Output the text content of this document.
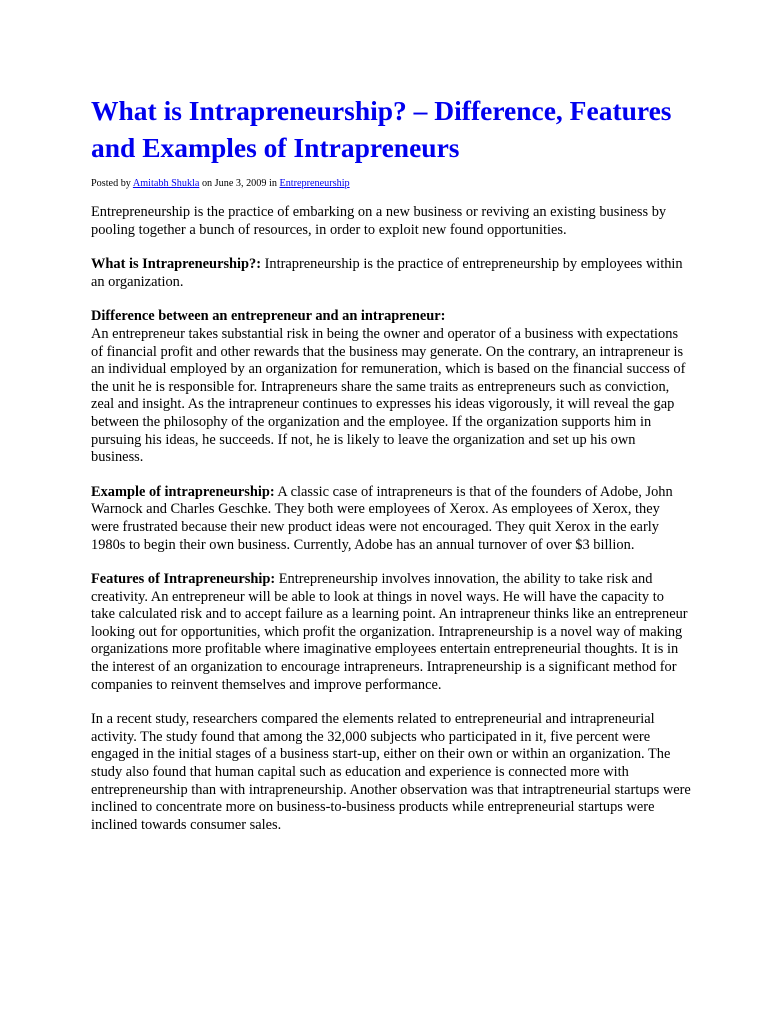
What is Intrapreneurship? – Difference, Features and Examples of Intrapreneurs
Posted by Amitabh Shukla on June 3, 2009 in Entrepreneurship

Entrepreneurship is the practice of embarking on a new business or reviving an existing business by pooling together a bunch of resources, in order to exploit new found opportunities.

What is Intrapreneurship?: Intrapreneurship is the practice of entrepreneurship by employees within an organization.

Difference between an entrepreneur and an intrapreneur:
An entrepreneur takes substantial risk in being the owner and operator of a business with expectations of financial profit and other rewards that the business may generate. On the contrary, an intrapreneur is an individual employed by an organization for remuneration, which is based on the financial success of the unit he is responsible for. Intrapreneurs share the same traits as entrepreneurs such as conviction, zeal and insight. As the intrapreneur continues to expresses his ideas vigorously, it will reveal the gap between the philosophy of the organization and the employee. If the organization supports him in pursuing his ideas, he succeeds. If not, he is likely to leave the organization and set up his own business.

Example of intrapreneurship: A classic case of intrapreneurs is that of the founders of Adobe, John Warnock and Charles Geschke. They both were employees of Xerox. As employees of Xerox, they were frustrated because their new product ideas were not encouraged. They quit Xerox in the early 1980s to begin their own business. Currently, Adobe has an annual turnover of over $3 billion.

Features of Intrapreneurship: Entrepreneurship involves innovation, the ability to take risk and creativity. An entrepreneur will be able to look at things in novel ways. He will have the capacity to take calculated risk and to accept failure as a learning point. An intrapreneur thinks like an entrepreneur looking out for opportunities, which profit the organization. Intrapreneurship is a novel way of making organizations more profitable where imaginative employees entertain entrepreneurial thoughts. It is in the interest of an organization to encourage intrapreneurs. Intrapreneurship is a significant method for companies to reinvent themselves and improve performance.

In a recent study, researchers compared the elements related to entrepreneurial and intrapreneurial activity. The study found that among the 32,000 subjects who participated in it, five percent were engaged in the initial stages of a business start-up, either on their own or within an organization. The study also found that human capital such as education and experience is connected more with entrepreneurship than with intrapreneurship. Another observation was that intraptreneurial startups were inclined to concentrate more on business-to-business products while entrepreneurial startups were inclined towards consumer sales.
